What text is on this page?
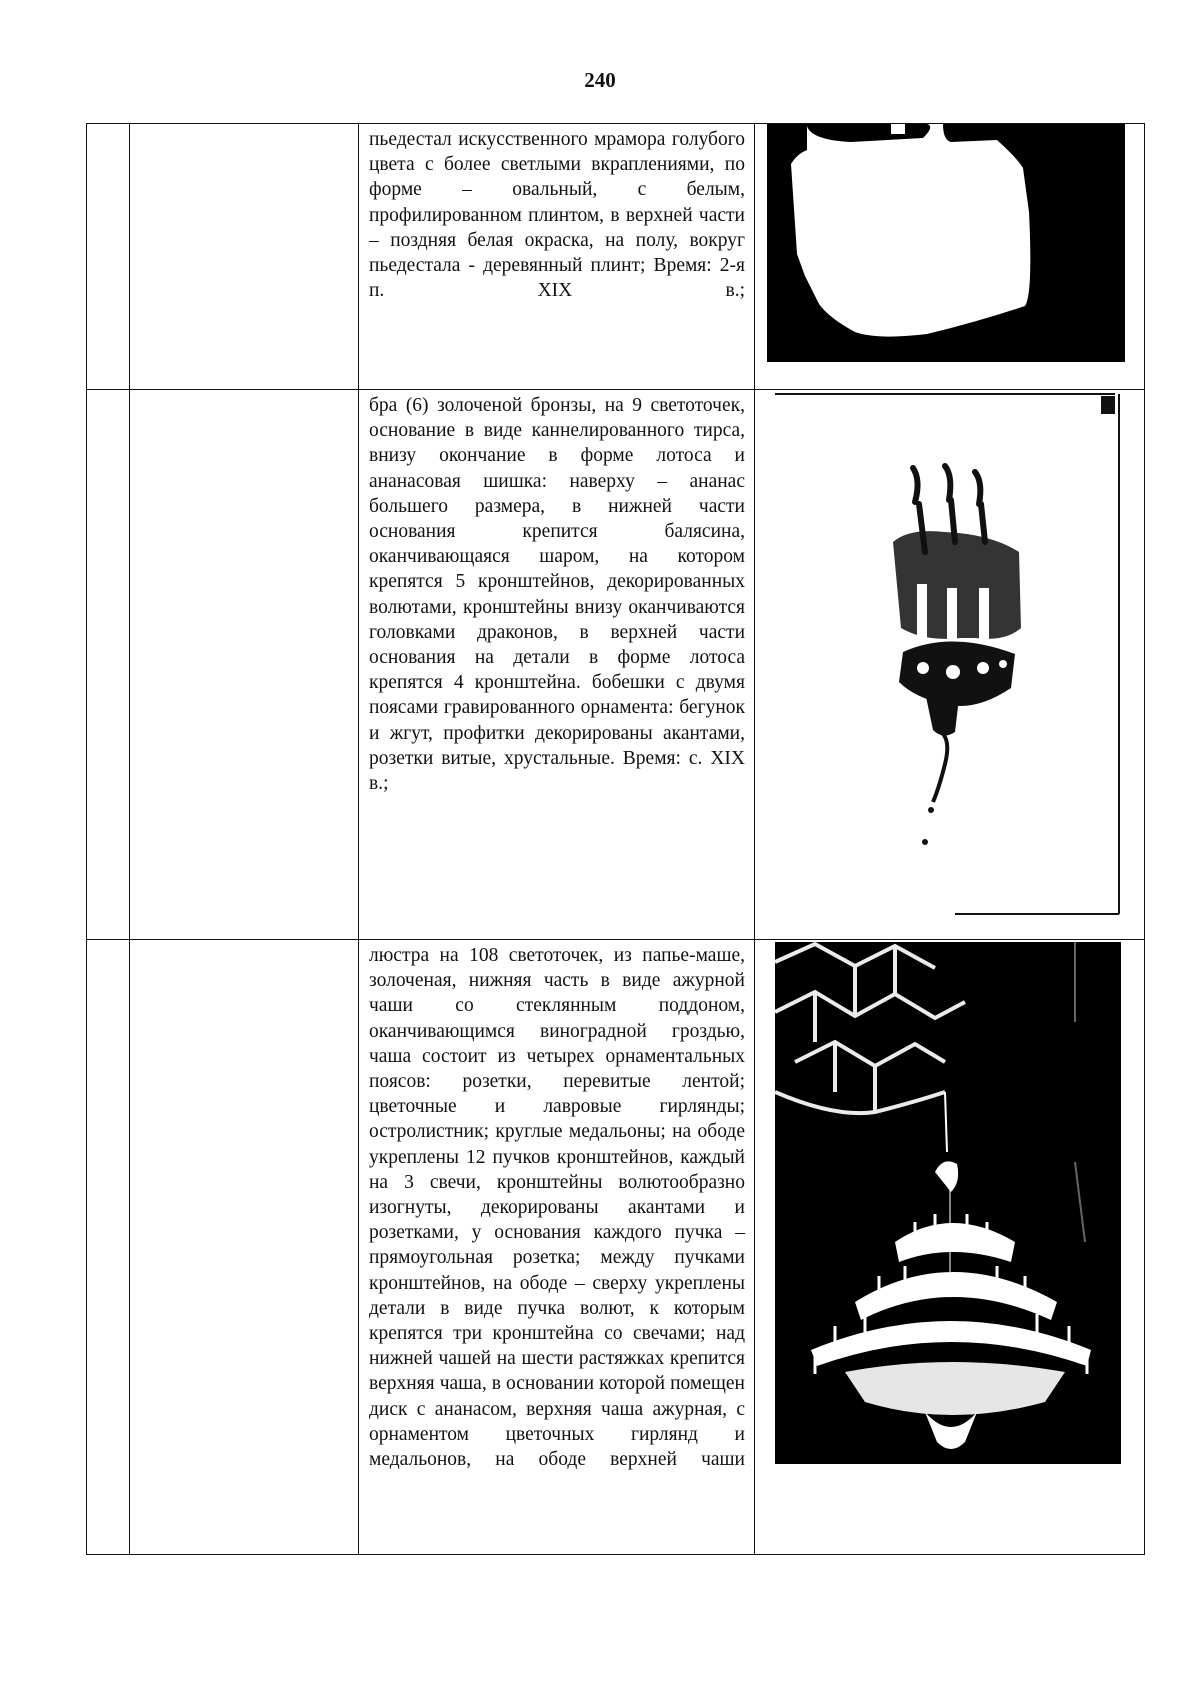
240

		пьедестал искусственного мрамора голубого цвета с более светлыми вкраплениями, по форме – овальный, с белым, профилированном плинтом, в верхней части – поздняя белая окраска, на полу, вокруг пьедестала - деревянный плинт; Время: 2-я п. XIX в.;

		бра (6) золоченой бронзы, на 9 светоточек, основание в виде каннелированного тирса, внизу окончание в форме лотоса и ананасовая шишка: наверху – ананас большего размера, в нижней части основания крепится балясина, оканчивающаяся шаром, на котором крепятся 5 кронштейнов, декорированных волютами, кронштейны внизу оканчиваются головками драконов, в верхней части основания на детали в форме лотоса крепятся 4 кронштейна. бобешки с двумя поясами гравированного орнамента: бегунок и жгут, профитки декорированы акантами, розетки витые, хрустальные. Время: с. XIX в.;

		люстра на 108 светоточек, из папье-маше, золоченая, нижняя часть в виде ажурной чаши со стеклянным поддоном, оканчивающимся виноградной гроздью, чаша состоит из четырех орнаментальных поясов: розетки, перевитые лентой; цветочные и лавровые гирлянды; остролистник; круглые медальоны; на ободе укреплены 12 пучков кронштейнов, каждый на 3 свечи, кронштейны волютообразно изогнуты, декорированы акантами и розетками, у основания каждого пучка – прямоугольная розетка; между пучками кронштейнов, на ободе – сверху укреплены детали в виде пучка волют, к которым крепятся три кронштейна со свечами; над нижней чашей на шести растяжках крепится верхняя чаша, в основании которой помещен диск с ананасом, верхняя чаша ажурная, с орнаментом цветочных гирлянд и медальонов, на ободе верхней чаши
